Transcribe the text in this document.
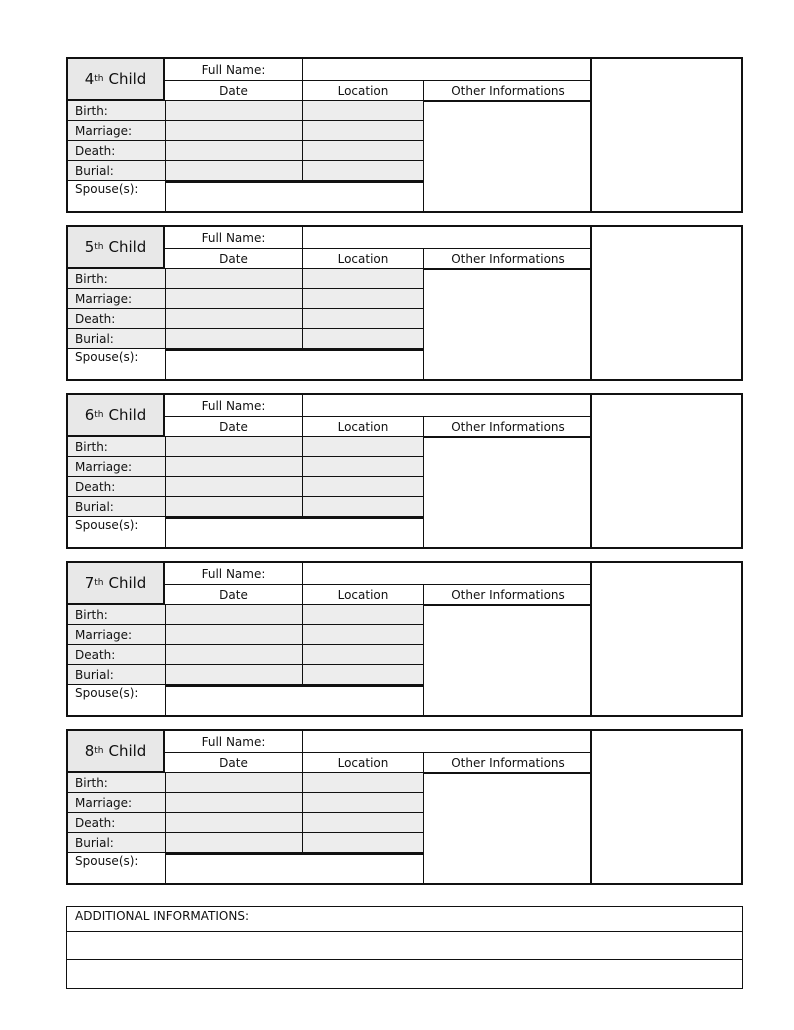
4 th Child
Full Name:
Date	Location	Other Informations
Birth:
Marriage:
Death:
Burial:
Spouse(s):
5 th Child
Full Name:
Date	Location	Other Informations
Birth:
Marriage:
Death:
Burial:
Spouse(s):
6 th Child
Full Name:
Date	Location	Other Informations
Birth:
Marriage:
Death:
Burial:
Spouse(s):
7 th Child
Full Name:
Date	Location	Other Informations
Birth:
Marriage:
Death:
Burial:
Spouse(s):
8 th Child
Full Name:
Date	Location	Other Informations
Birth:
Marriage:
Death:
Burial:
Spouse(s):
ADDITIONAL INFORMATIONS:
